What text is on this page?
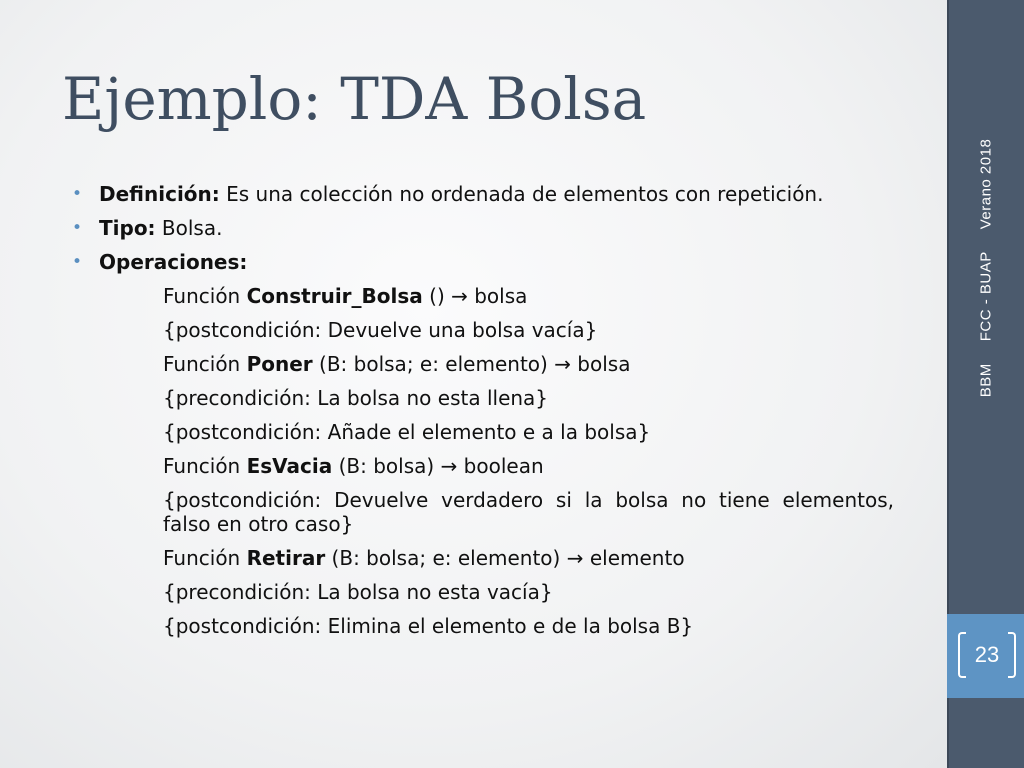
Ejemplo: TDA Bolsa
• Definición: Es una colección no ordenada de elementos con repetición.
• Tipo: Bolsa.
• Operaciones:
Función Construir_Bolsa () → bolsa
{postcondición: Devuelve una bolsa vacía}
Función Poner (B: bolsa; e: elemento) → bolsa
{precondición: La bolsa no esta llena}
{postcondición: Añade el elemento e a la bolsa}
Función EsVacia (B: bolsa) → boolean
{postcondición: Devuelve verdadero si la bolsa no tiene elementos, falso en otro caso}
Función Retirar (B: bolsa; e: elemento) → elemento
{precondición: La bolsa no esta vacía}
{postcondición: Elimina el elemento e de la bolsa B}
BBMFCC - BUAPVerano 2018
23
